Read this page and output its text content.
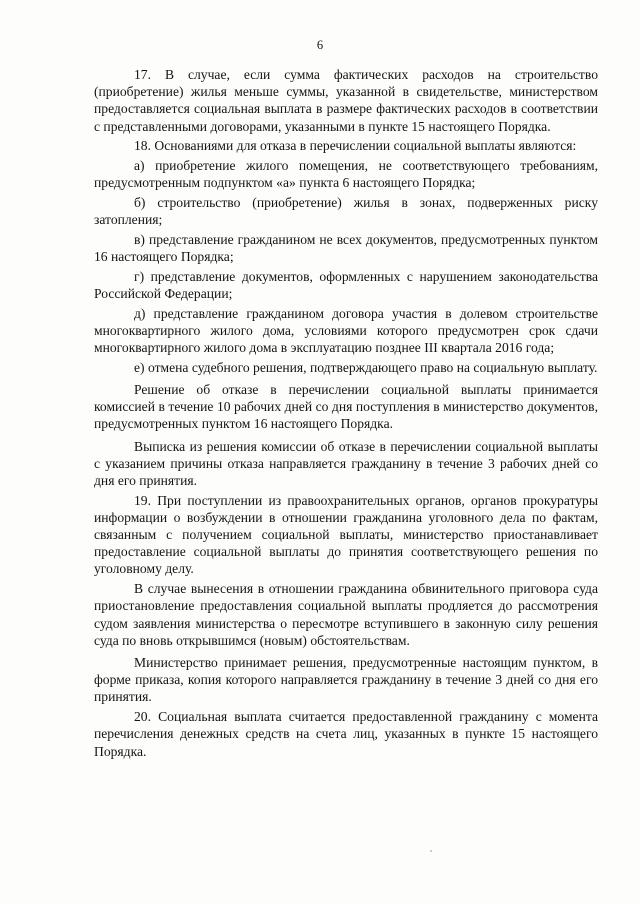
6

17. В случае, если сумма фактических расходов на строительство (приобретение) жилья меньше суммы, указанной в свидетельстве, министерством предоставляется социальная выплата в размере фактических расходов в соответствии с представленными договорами, указанными в пункте 15 настоящего Порядка.

18. Основаниями для отказа в перечислении социальной выплаты являются:

а) приобретение жилого помещения, не соответствующего требованиям, предусмотренным подпунктом «а» пункта 6 настоящего Порядка;

б) строительство (приобретение) жилья в зонах, подверженных риску затопления;

в) представление гражданином не всех документов, предусмотренных пунктом 16 настоящего Порядка;

г) представление документов, оформленных с нарушением законодательства Российской Федерации;

д) представление гражданином договора участия в долевом строительстве многоквартирного жилого дома, условиями которого предусмотрен срок сдачи многоквартирного жилого дома в эксплуатацию позднее III квартала 2016 года;

е) отмена судебного решения, подтверждающего право на социальную выплату.

Решение об отказе в перечислении социальной выплаты принимается комиссией в течение 10 рабочих дней со дня поступления в министерство документов, предусмотренных пунктом 16 настоящего Порядка.

Выписка из решения комиссии об отказе в перечислении социальной выплаты с указанием причины отказа направляется гражданину в течение 3 рабочих дней со дня его принятия.

19. При поступлении из правоохранительных органов, органов прокуратуры информации о возбуждении в отношении гражданина уголовного дела по фактам, связанным с получением социальной выплаты, министерство приостанавливает предоставление социальной выплаты до принятия соответствующего решения по уголовному делу.

В случае вынесения в отношении гражданина обвинительного приговора суда приостановление предоставления социальной выплаты продляется до рассмотрения судом заявления министерства о пересмотре вступившего в законную силу решения суда по вновь открывшимся (новым) обстоятельствам.

Министерство принимает решения, предусмотренные настоящим пунктом, в форме приказа, копия которого направляется гражданину в течение 3 дней со дня его принятия.

20. Социальная выплата считается предоставленной гражданину с момента перечисления денежных средств на счета лиц, указанных в пункте 15 настоящего Порядка.
